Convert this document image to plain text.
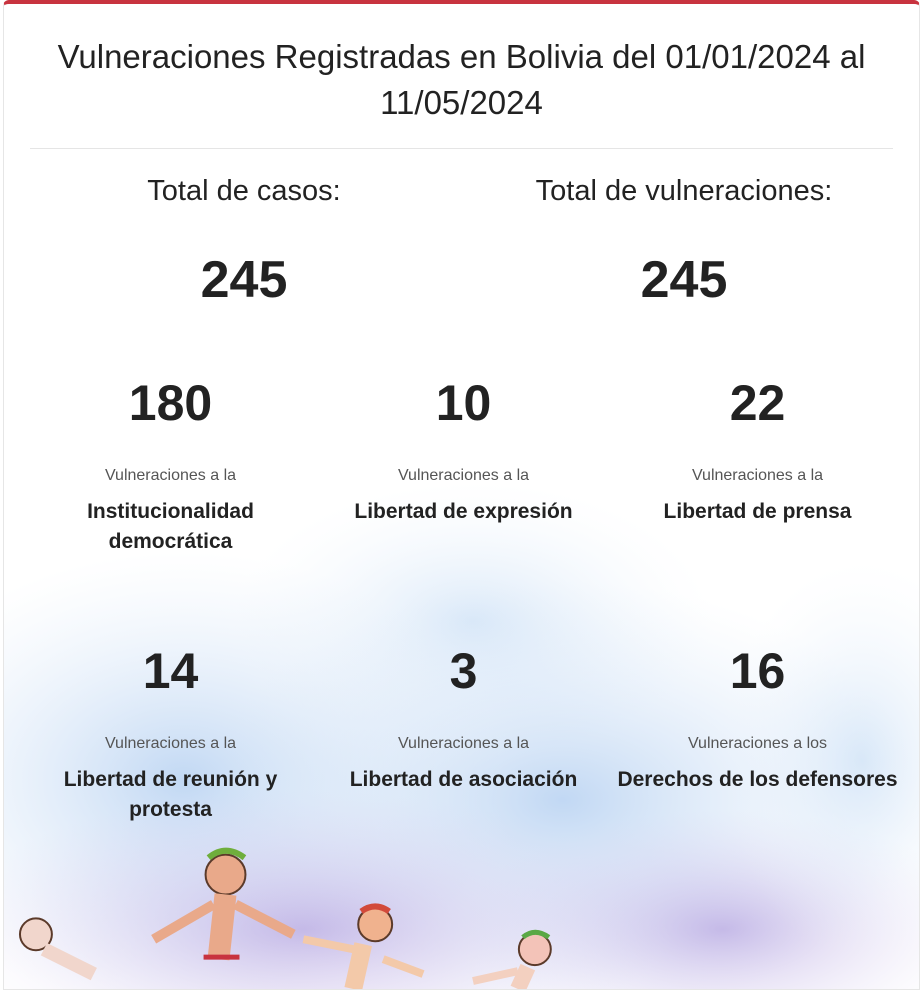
Vulneraciones Registradas en Bolivia del 01/01/2024 al 11/05/2024
Total de casos:
245
Total de vulneraciones:
245
180
Vulneraciones a la
Institucionalidad democrática
10
Vulneraciones a la
Libertad de expresión
22
Vulneraciones a la
Libertad de prensa
14
Vulneraciones a la
Libertad de reunión y protesta
3
Vulneraciones a la
Libertad de asociación
16
Vulneraciones a los
Derechos de los defensores
